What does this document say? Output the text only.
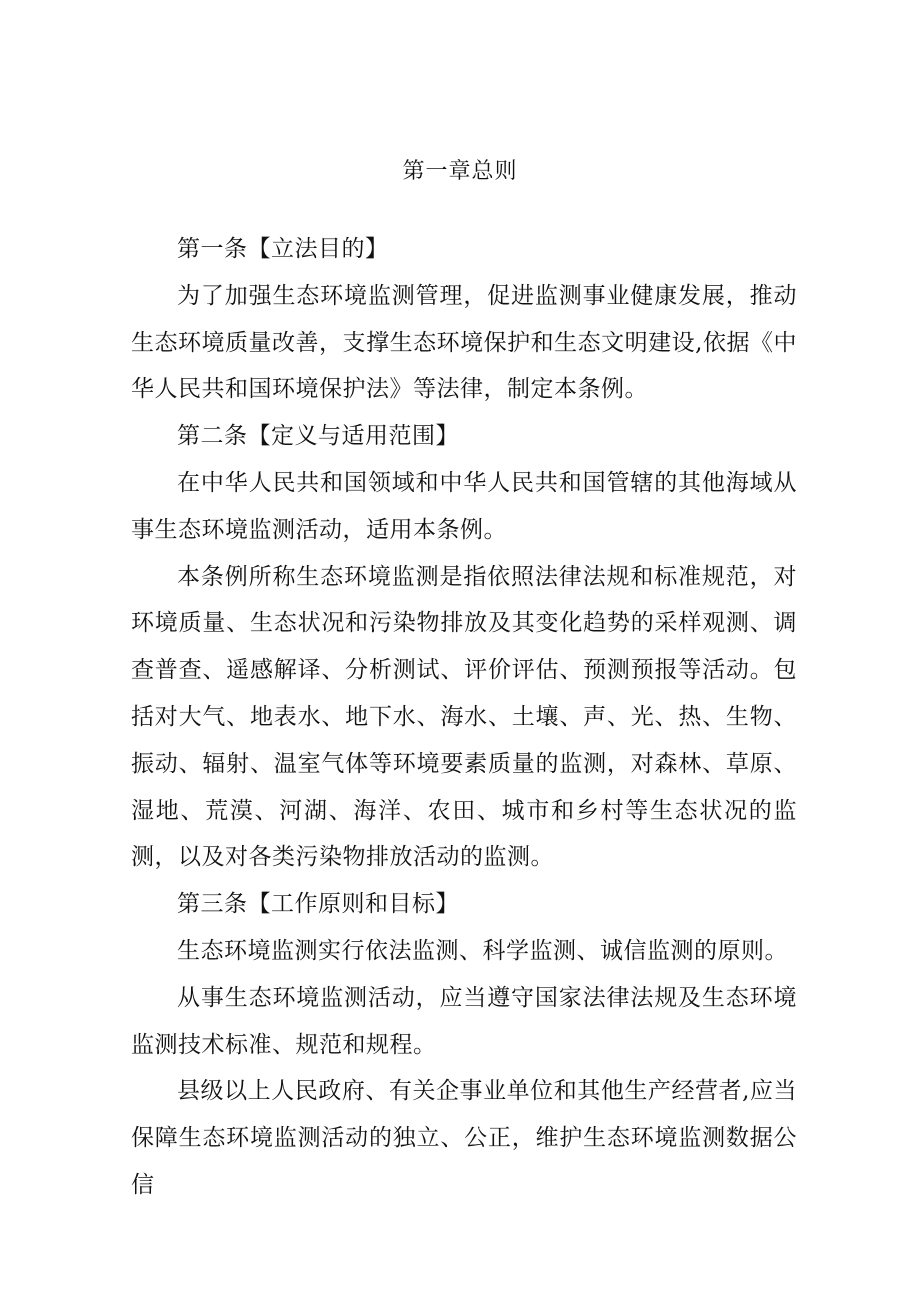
第一章总则

第一条【立法目的】

为了加强生态环境监测管理，促进监测事业健康发展，推动生态环境质量改善，支撑生态环境保护和生态文明建设,依据《中华人民共和国环境保护法》等法律，制定本条例。

第二条【定义与适用范围】

在中华人民共和国领域和中华人民共和国管辖的其他海域从事生态环境监测活动，适用本条例。

本条例所称生态环境监测是指依照法律法规和标准规范，对环境质量、生态状况和污染物排放及其变化趋势的采样观测、调查普查、遥感解译、分析测试、评价评估、预测预报等活动。包括对大气、地表水、地下水、海水、土壤、声、光、热、生物、振动、辐射、温室气体等环境要素质量的监测，对森林、草原、湿地、荒漠、河湖、海洋、农田、城市和乡村等生态状况的监测，以及对各类污染物排放活动的监测。

第三条【工作原则和目标】

生态环境监测实行依法监测、科学监测、诚信监测的原则。

从事生态环境监测活动，应当遵守国家法律法规及生态环境监测技术标准、规范和规程。

县级以上人民政府、有关企事业单位和其他生产经营者,应当保障生态环境监测活动的独立、公正，维护生态环境监测数据公信
